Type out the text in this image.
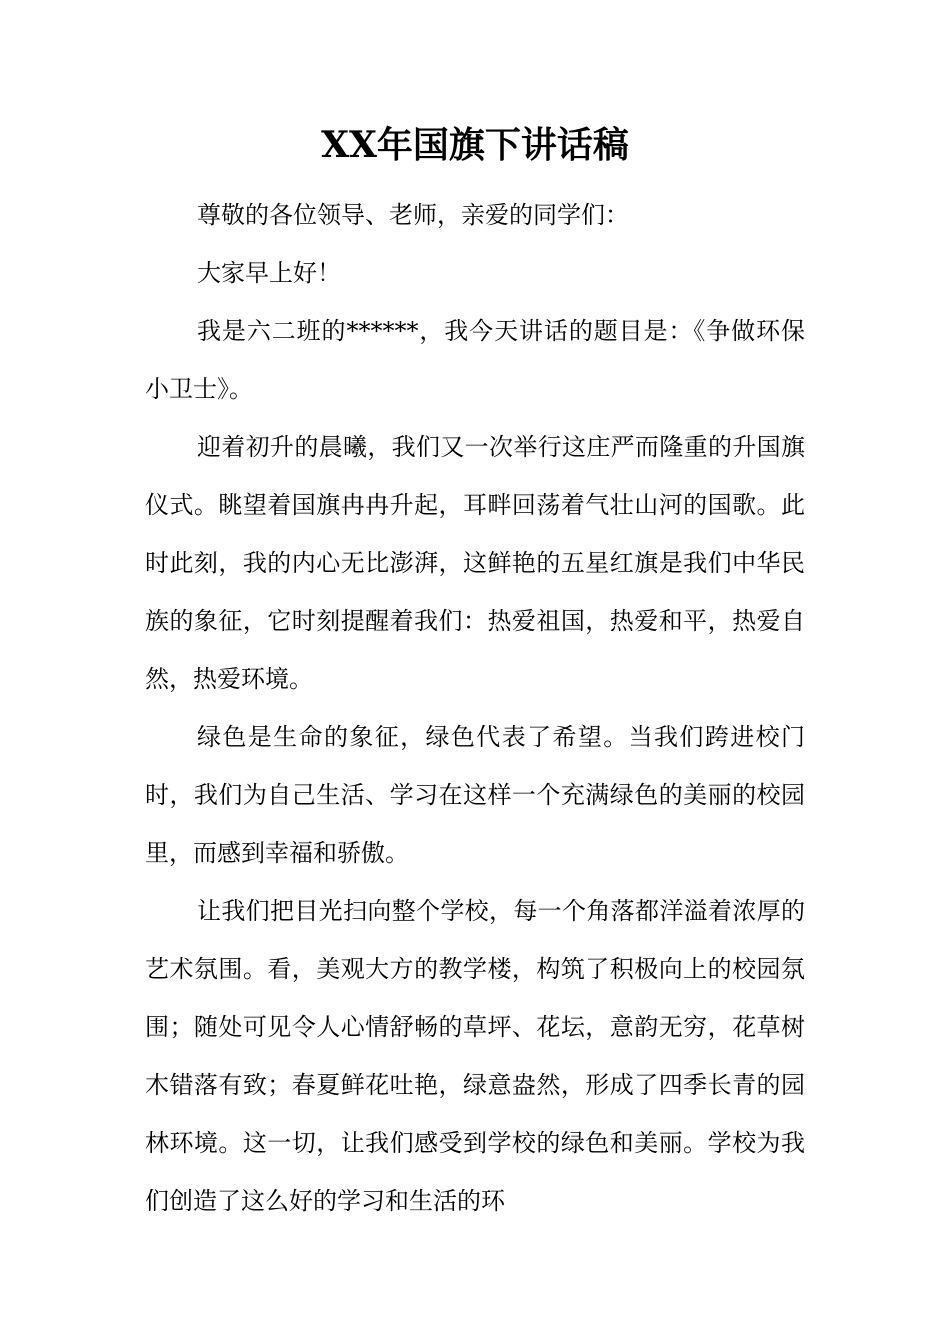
XX年国旗下讲话稿

尊敬的各位领导、老师，亲爱的同学们：

大家早上好！

我是六二班的******，我今天讲话的题目是：《争做环保小卫士》。

迎着初升的晨曦，我们又一次举行这庄严而隆重的升国旗仪式。眺望着国旗冉冉升起，耳畔回荡着气壮山河的国歌。此时此刻，我的内心无比澎湃，这鲜艳的五星红旗是我们中华民族的象征，它时刻提醒着我们：热爱祖国，热爱和平，热爱自然，热爱环境。

绿色是生命的象征，绿色代表了希望。当我们跨进校门时，我们为自己生活、学习在这样一个充满绿色的美丽的校园里，而感到幸福和骄傲。

让我们把目光扫向整个学校，每一个角落都洋溢着浓厚的艺术氛围。看，美观大方的教学楼，构筑了积极向上的校园氛围；随处可见令人心情舒畅的草坪、花坛，意韵无穷，花草树木错落有致；春夏鲜花吐艳，绿意盎然，形成了四季长青的园林环境。这一切，让我们感受到学校的绿色和美丽。学校为我们创造了这么好的学习和生活的环
